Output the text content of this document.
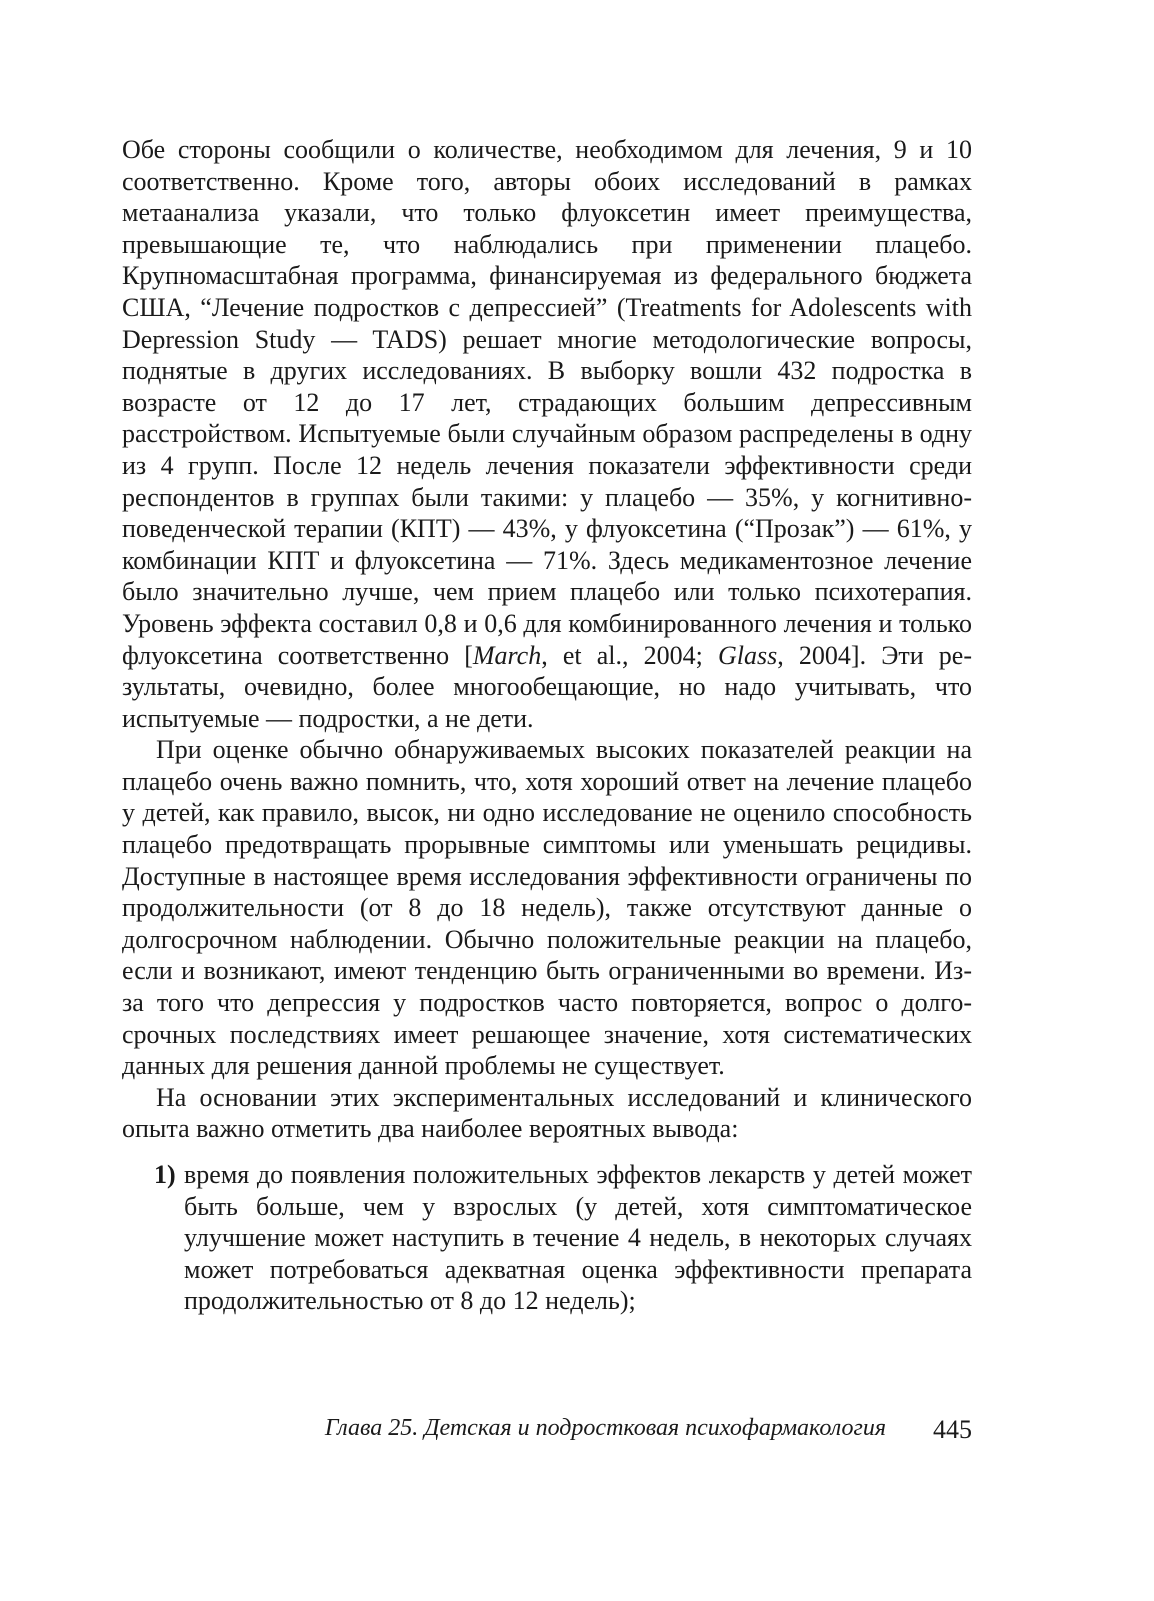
Обе стороны сообщили о количестве, необходимом для лечения, 9 и 10 соответственно. Кроме того, авторы обоих исследований в рамках метаанализа указали, что только флуоксетин имеет преимущества, превышающие те, что наблюдались при применении плацебо. Крупномасштабная программа, финансируемая из федерального бюджета США, “Лечение подростков с депрессией” (Treatments for Adolescents with Depression Study — TADS) решает многие методологические вопросы, поднятые в других исследованиях. В выборку вошли 432 подростка в возрасте от 12 до 17 лет, страдающих большим депрессивным расстройством. Испытуемые были случайным образом распределены в одну из 4 групп. После 12 недель лечения показатели эффективности среди респондентов в группах были такими: у плацебо — 35%, у когнитивно-поведенческой терапии (КПТ) — 43%, у флуоксетина (“Прозак”) — 61%, у комбинации КПТ и флуоксетина — 71%. Здесь медикаментозное лечение было значительно лучше, чем прием плацебо или только психотерапия. Уровень эффекта составил 0,8 и 0,6 для комбинированного лечения и только флуоксетина соответственно [March, et al., 2004; Glass, 2004]. Эти результаты, очевидно, более многообещающие, но надо учитывать, что испытуемые — подростки, а не дети.

При оценке обычно обнаруживаемых высоких показателей реакции на плацебо очень важно помнить, что, хотя хороший ответ на лечение плацебо у детей, как правило, высок, ни одно исследование не оценило способность плацебо предотвращать прорывные симптомы или уменьшать рецидивы. Доступные в настоящее время исследования эффективности ограничены по продолжительности (от 8 до 18 недель), также отсутствуют данные о долгосрочном наблюдении. Обычно положительные реакции на плацебо, если и возникают, имеют тенденцию быть ограниченными во времени. Из-за того что депрессия у подростков часто повторяется, вопрос о долгосрочных последствиях имеет решающее значение, хотя систематических данных для решения данной проблемы не существует.

На основании этих экспериментальных исследований и клинического опыта важно отметить два наиболее вероятных вывода:

1) время до появления положительных эффектов лекарств у детей может быть больше, чем у взрослых (у детей, хотя симптоматическое улучшение может наступить в течение 4 недель, в некоторых случаях может потребоваться адекватная оценка эффективности препарата продолжительностью от 8 до 12 недель);
Глава 25. Детская и подростковая психофармакология 445
